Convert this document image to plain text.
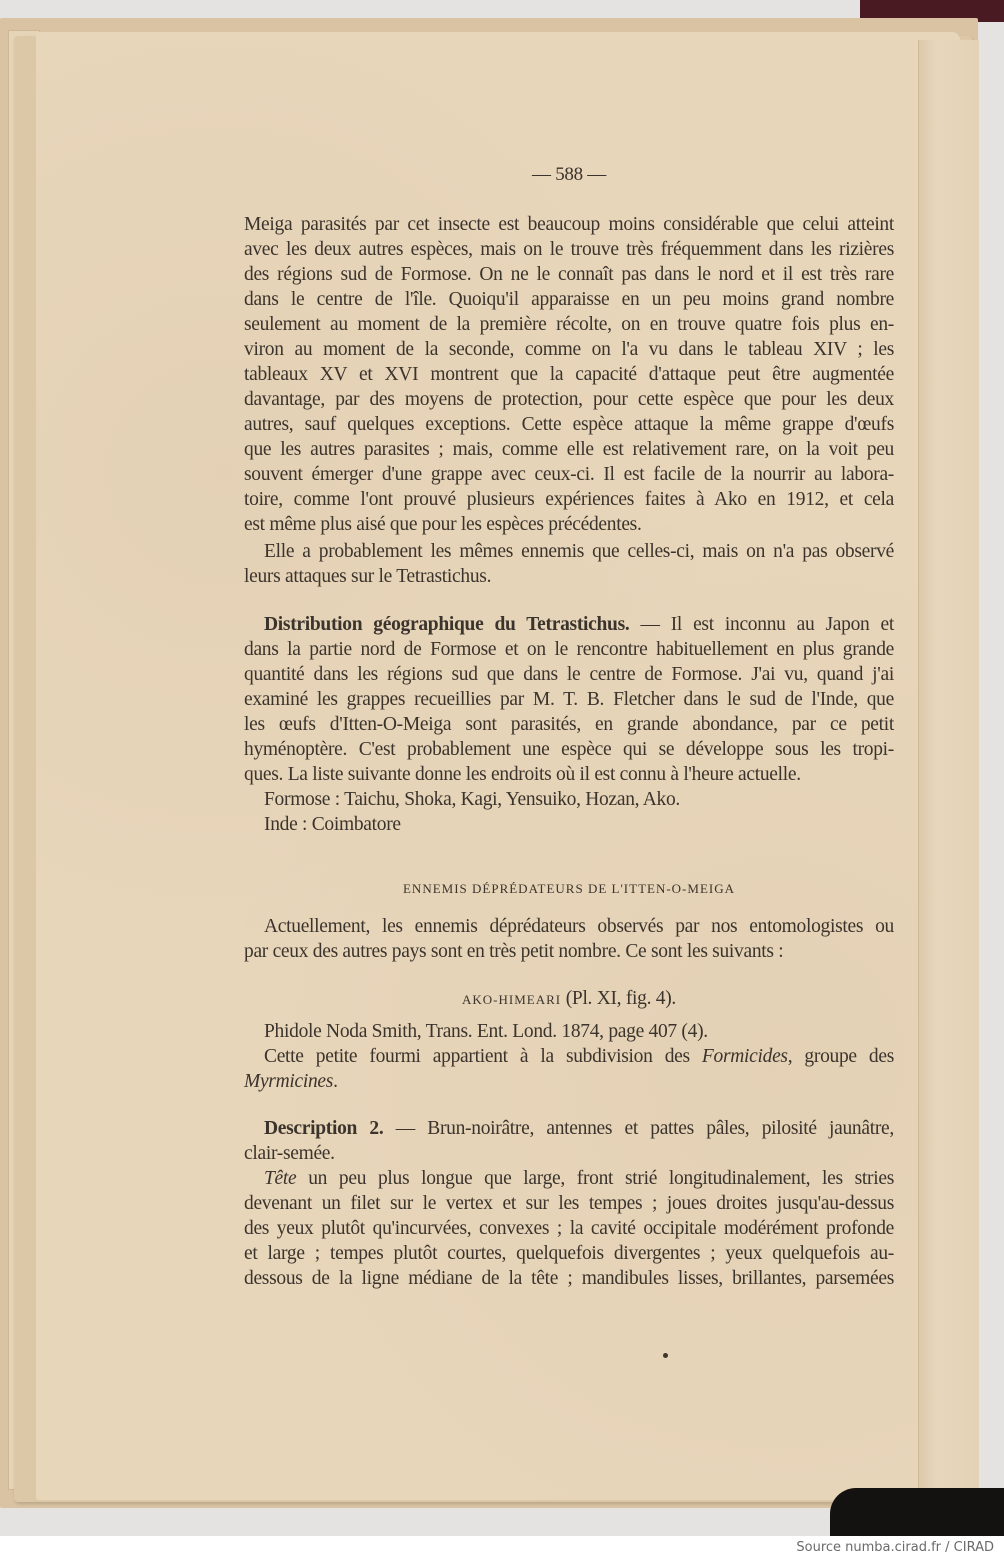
— 588 —
Meiga parasités par cet insecte est beaucoup moins considérable que celui atteint
avec les deux autres espèces, mais on le trouve très fréquemment dans les rizières
des régions sud de Formose. On ne le connaît pas dans le nord et il est très rare
dans le centre de l'île. Quoiqu'il apparaisse en un peu moins grand nombre
seulement au moment de la première récolte, on en trouve quatre fois plus en-
viron au moment de la seconde, comme on l'a vu dans le tableau XIV ; les
tableaux XV et XVI montrent que la capacité d'attaque peut être augmentée
davantage, par des moyens de protection, pour cette espèce que pour les deux
autres, sauf quelques exceptions. Cette espèce attaque la même grappe d'œufs
que les autres parasites ; mais, comme elle est relativement rare, on la voit peu
souvent émerger d'une grappe avec ceux-ci. Il est facile de la nourrir au labora-
toire, comme l'ont prouvé plusieurs expériences faites à Ako en 1912, et cela
est même plus aisé que pour les espèces précédentes.
Elle a probablement les mêmes ennemis que celles-ci, mais on n'a pas observé
leurs attaques sur le Tetrastichus.
Distribution géographique du Tetrastichus. — Il est inconnu au Japon et
dans la partie nord de Formose et on le rencontre habituellement en plus grande
quantité dans les régions sud que dans le centre de Formose. J'ai vu, quand j'ai
examiné les grappes recueillies par M. T. B. Fletcher dans le sud de l'Inde, que
les œufs d'Itten-O-Meiga sont parasités, en grande abondance, par ce petit
hyménoptère. C'est probablement une espèce qui se développe sous les tropi-
ques. La liste suivante donne les endroits où il est connu à l'heure actuelle.
Formose : Taichu, Shoka, Kagi, Yensuiko, Hozan, Ako.
Inde : Coimbatore
ENNEMIS DÉPRÉDATEURS DE L'ITTEN-O-MEIGA
Actuellement, les ennemis déprédateurs observés par nos entomologistes ou
par ceux des autres pays sont en très petit nombre. Ce sont les suivants :
AKO-HIMEARI (Pl. XI, fig. 4).
Phidole Noda Smith, Trans. Ent. Lond. 1874, page 407 (4).
Cette petite fourmi appartient à la subdivision des Formicides, groupe des
Myrmicines.
Description 2. — Brun-noirâtre, antennes et pattes pâles, pilosité jaunâtre,
clair-semée.
Tête un peu plus longue que large, front strié longitudinalement, les stries
devenant un filet sur le vertex et sur les tempes ; joues droites jusqu'au-dessus
des yeux plutôt qu'incurvées, convexes ; la cavité occipitale modérément profonde
et large ; tempes plutôt courtes, quelquefois divergentes ; yeux quelquefois au-
dessous de la ligne médiane de la tête ; mandibules lisses, brillantes, parsemées
Source numba.cirad.fr / CIRAD
